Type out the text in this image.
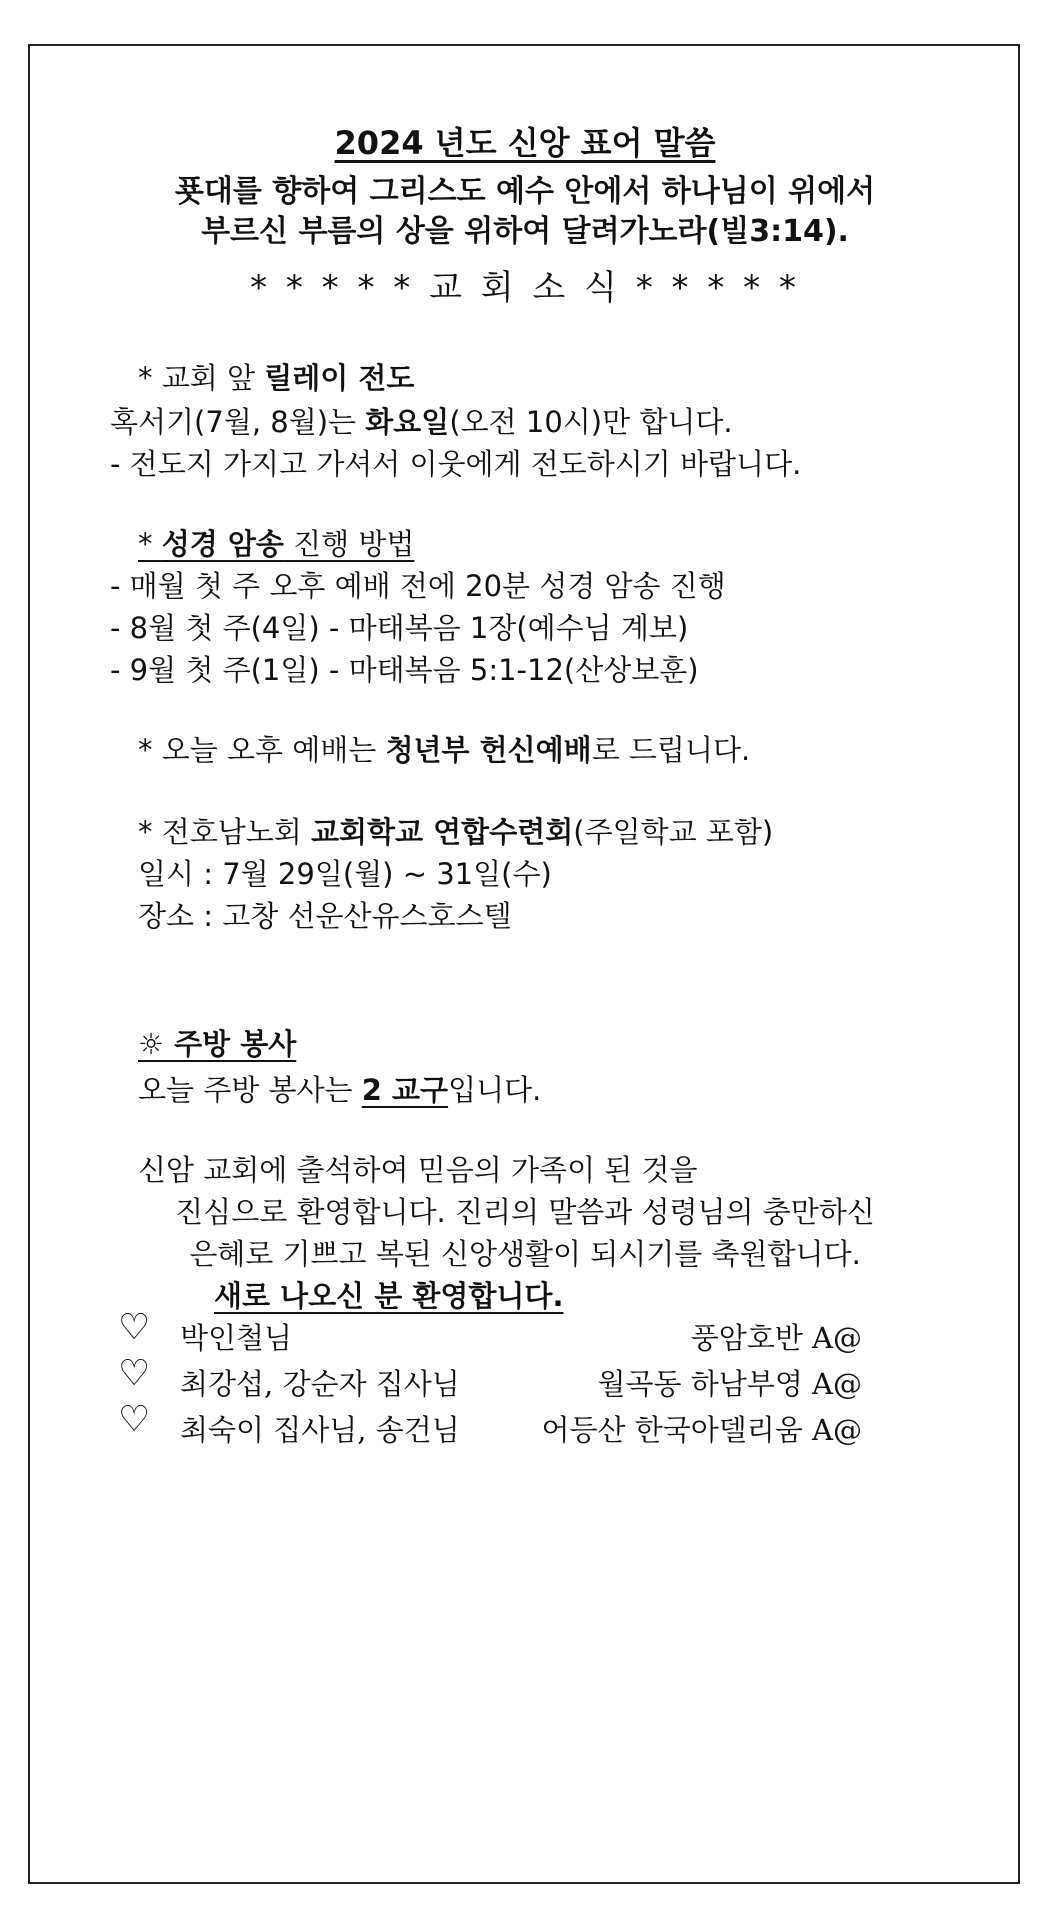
2024 년도 신앙 표어 말씀

푯대를 향하여 그리스도 예수 안에서 하나님이 위에서

부르신 부름의 상을 위하여 달려가노라(빌3:14).

* * * * * 교 회 소 식 * * * * *

* 교회 앞 릴레이 전도

혹서기(7월, 8월)는 화요일(오전 10시)만 합니다.

- 전도지 가지고 가셔서 이웃에게 전도하시기 바랍니다.

* 성경 암송 진행 방법

- 매월 첫 주 오후 예배 전에 20분 성경 암송 진행

- 8월 첫 주(4일) - 마태복음 1장(예수님 계보)

- 9월 첫 주(1일) - 마태복음 5:1-12(산상보훈)

* 오늘 오후 예배는 청년부 헌신예배로 드립니다.

* 전호남노회 교회학교 연합수련회(주일학교 포함)

일시 : 7월 29일(월) ~ 31일(수)

장소 : 고창 선운산유스호스텔

☼ 주방 봉사

오늘 주방 봉사는 2 교구입니다.

신암 교회에 출석하여 믿음의 가족이 된 것을

진심으로 환영합니다. 진리의 말씀과 성령님의 충만하신

은혜로 기쁘고 복된 신앙생활이 되시기를 축원합니다.

새로 나오신 분 환영합니다.

♡ 박인철님	풍암호반 A@
♡ 최강섭, 강순자 집사님	월곡동 하남부영 A@
♡ 최숙이 집사님, 송건님	어등산 한국아델리움 A@
